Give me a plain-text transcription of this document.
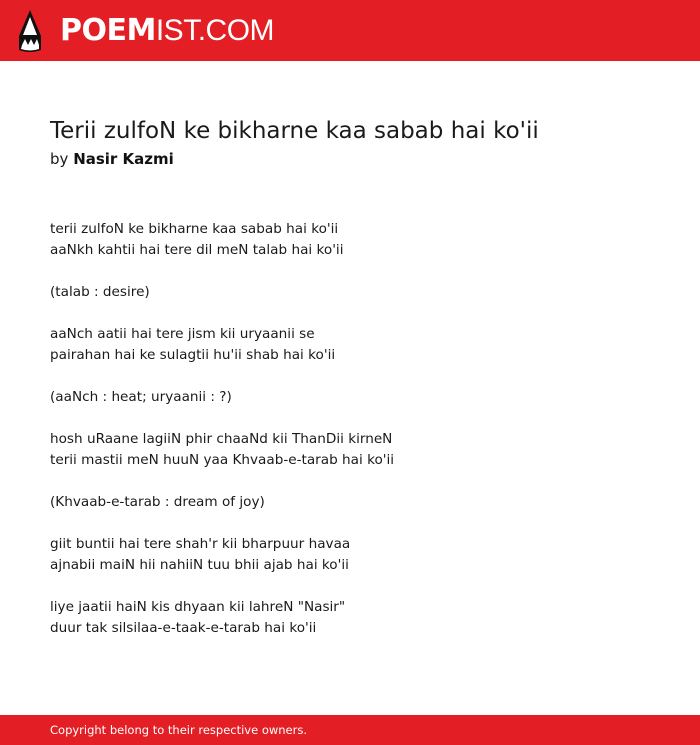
POEMIST.COM
Terii zulfoN ke bikharne kaa sabab hai ko'ii
by Nasir Kazmi
terii zulfoN ke bikharne kaa sabab hai ko'ii
aaNkh kahtii hai tere dil meN talab hai ko'ii
(talab : desire)
aaNch aatii hai tere jism kii uryaanii se
pairahan hai ke sulagtii hu'ii shab hai ko'ii
(aaNch : heat; uryaanii : ?)
hosh uRaane lagiiN phir chaaNd kii ThanDii kirneN
terii mastii meN huuN yaa Khvaab-e-tarab hai ko'ii
(Khvaab-e-tarab : dream of joy)
giit buntii hai tere shah'r kii bharpuur havaa
ajnabii maiN hii nahiiN tuu bhii ajab hai ko'ii
liye jaatii haiN kis dhyaan kii lahreN "Nasir"
duur tak silsilaa-e-taak-e-tarab hai ko'ii
Copyright belong to their respective owners.
